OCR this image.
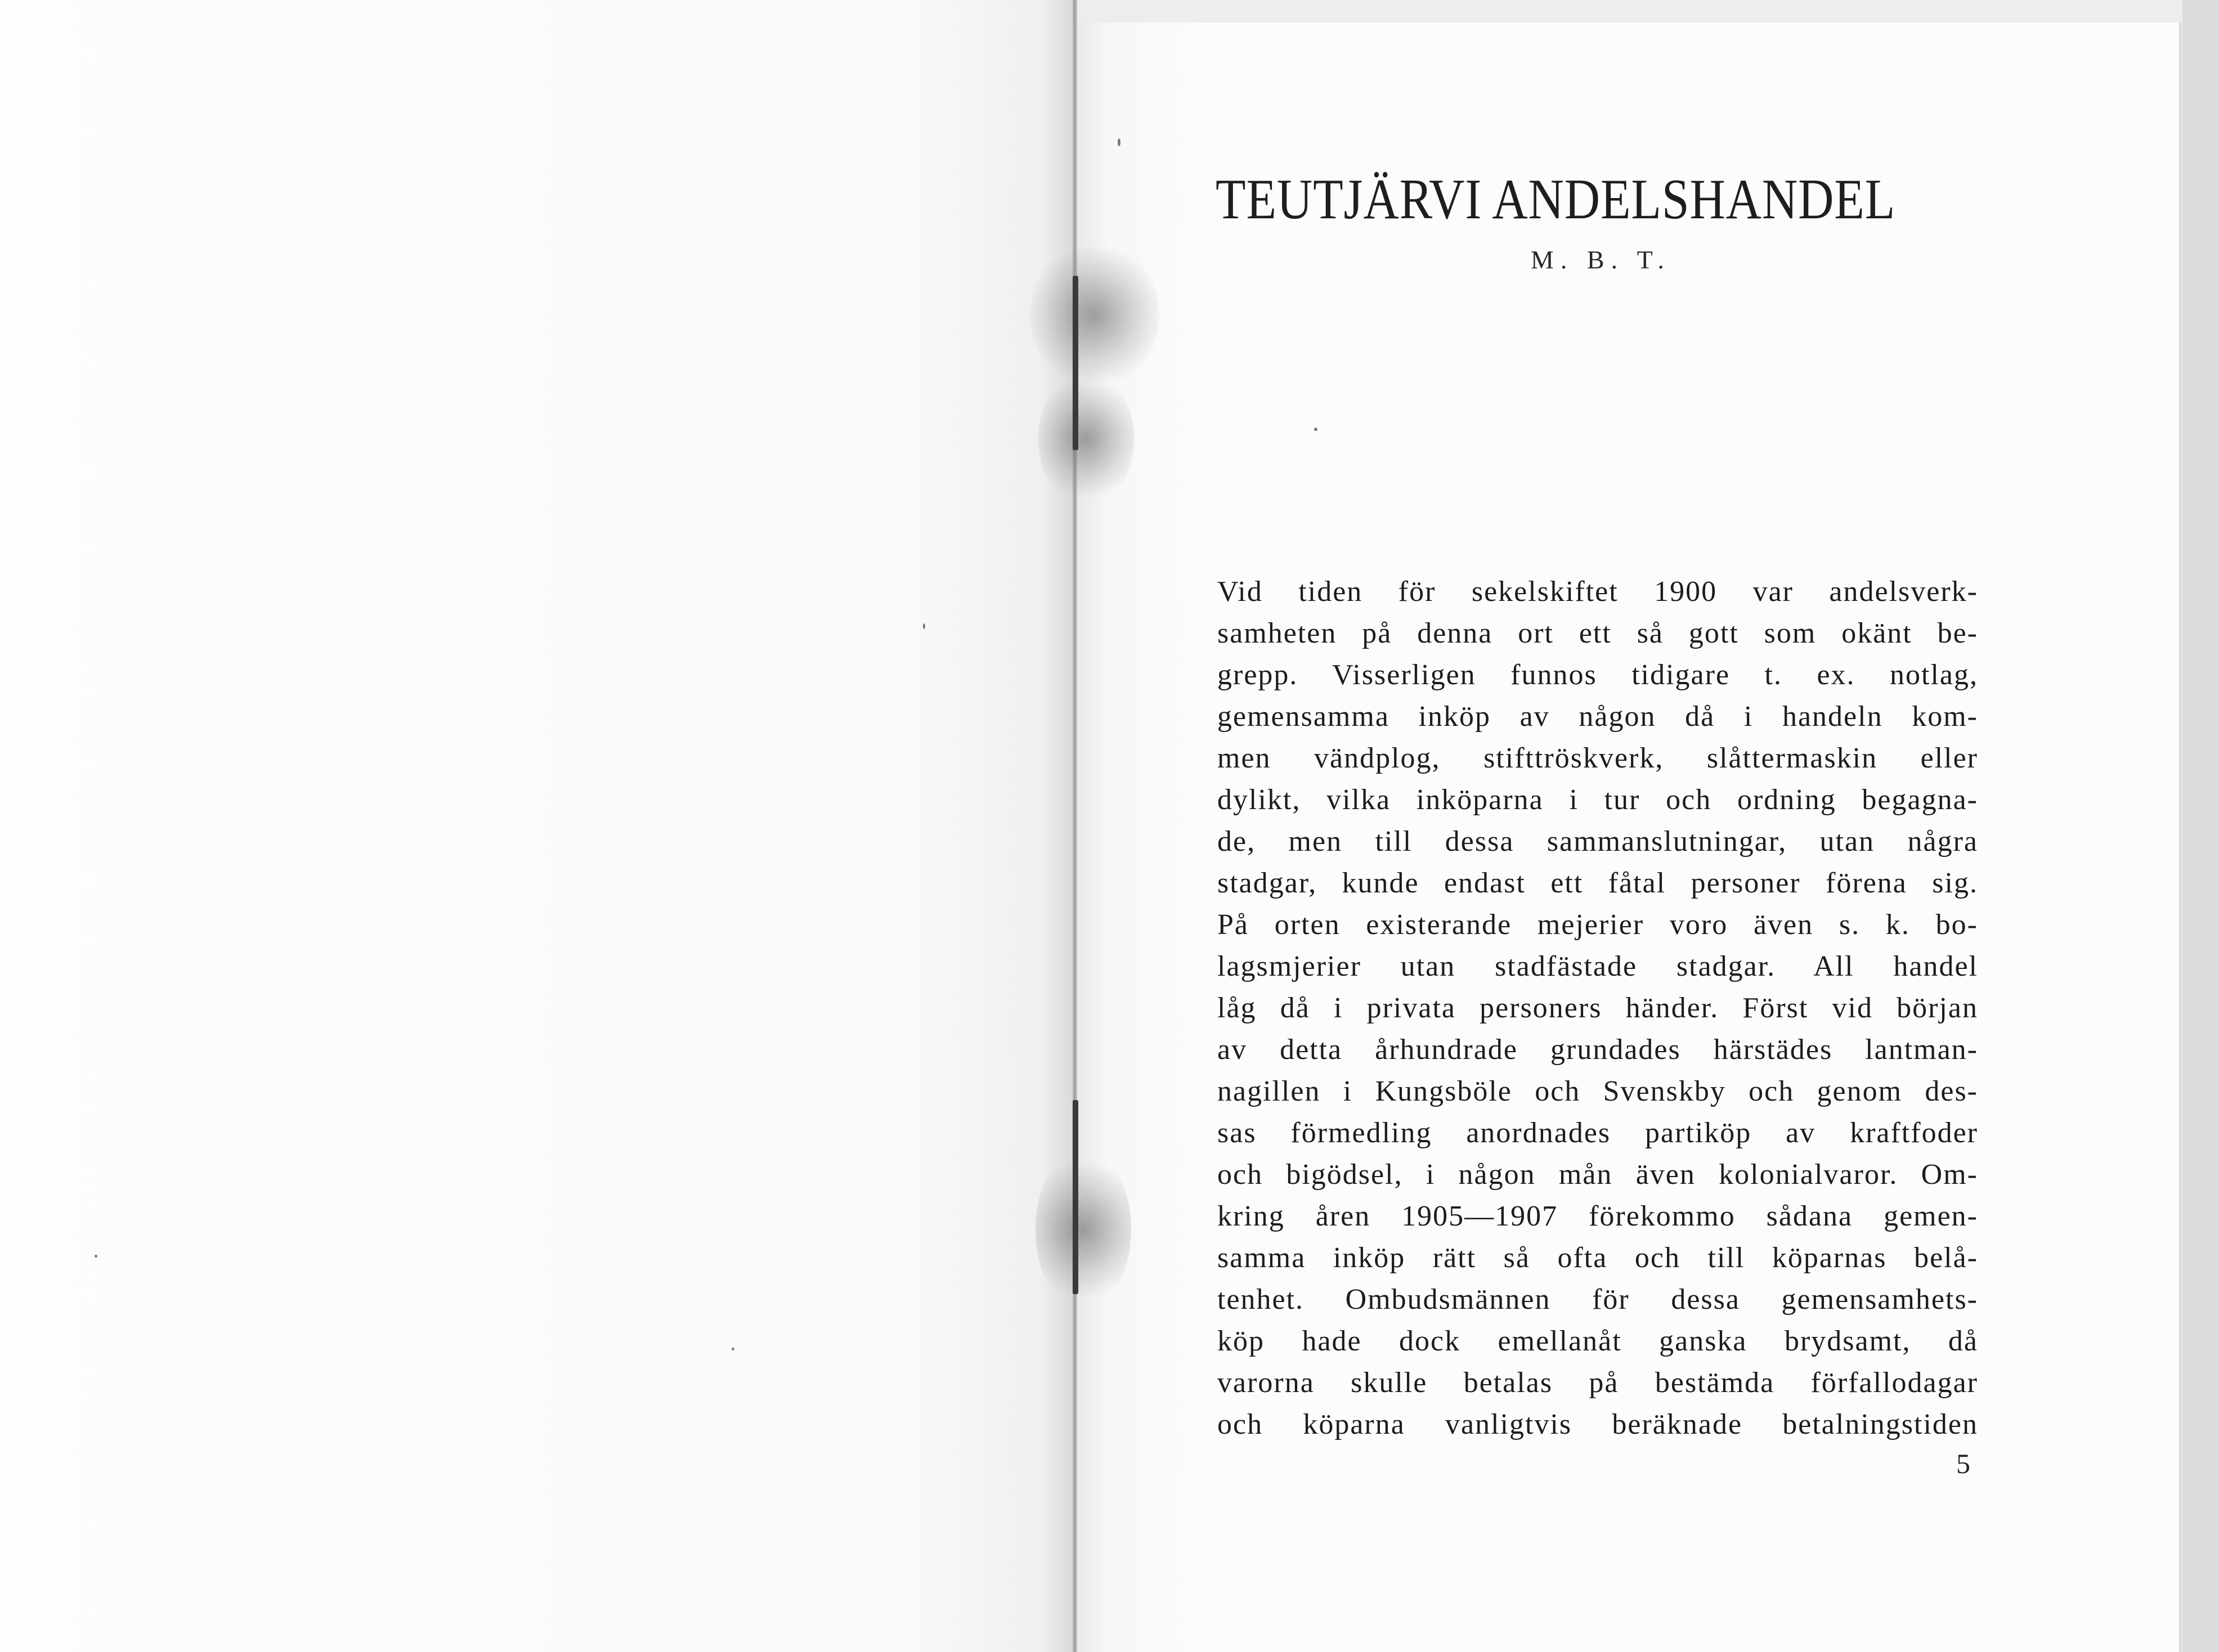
TEUTJÄRVI ANDELSHANDEL
M. B. T.
Vid tiden för sekelskiftet 1900 var andelsverk-
samheten på denna ort ett så gott som okänt be-
grepp. Visserligen funnos tidigare t. ex. notlag,
gemensamma inköp av någon då i handeln kom-
men vändplog, stifttröskverk, slåttermaskin eller
dylikt, vilka inköparna i tur och ordning begagna-
de, men till dessa sammanslutningar, utan några
stadgar, kunde endast ett fåtal personer förena sig.
På orten existerande mejerier voro även s. k. bo-
lagsmjerier utan stadfästade stadgar. All handel
låg då i privata personers händer. Först vid början
av detta århundrade grundades härstädes lantman-
nagillen i Kungsböle och Svenskby och genom des-
sas förmedling anordnades partiköp av kraftfoder
och bigödsel, i någon mån även kolonialvaror. Om-
kring åren 1905—1907 förekommo sådana gemen-
samma inköp rätt så ofta och till köparnas belå-
tenhet. Ombudsmännen för dessa gemensamhets-
köp hade dock emellanåt ganska brydsamt, då
varorna skulle betalas på bestämda förfallodagar
och köparna vanligtvis beräknade betalningstiden
5
